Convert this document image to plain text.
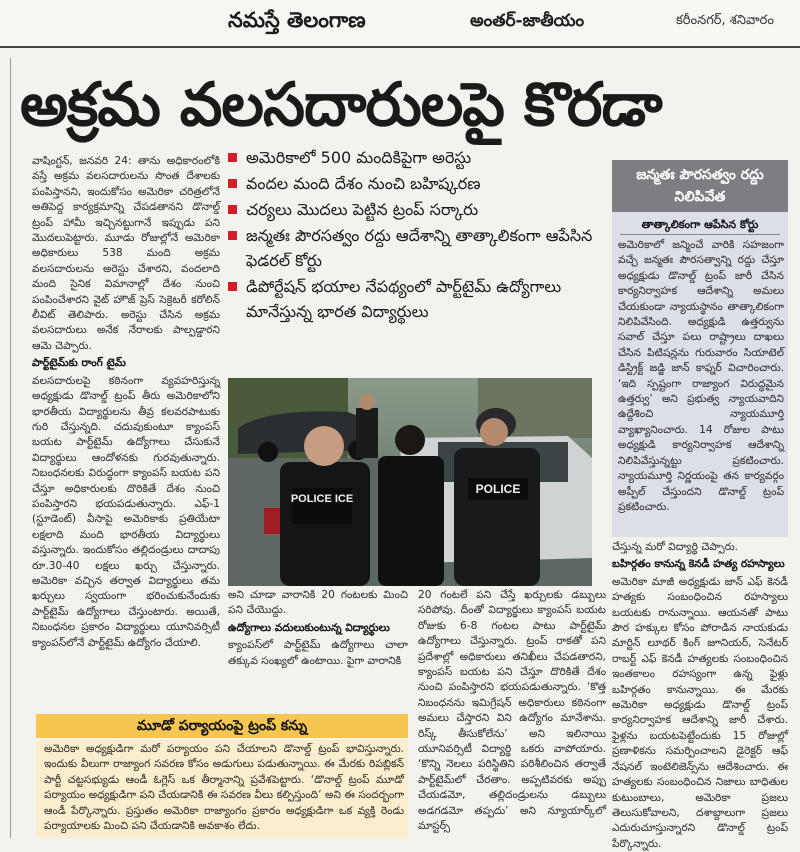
నమస్తే తెలంగాణ	అంతర్-జాతీయం	కరీంనగర్, శనివారం
అక్రమ వలసదారులపై కొరడా

వాషింగ్టన్, జనవరి 24: తాను అధికారంలోకి వస్తే అక్రమ వలసదారులను సొంత దేశాలకు పంపిస్తానని, ఇందుకోసం అమెరికా చరిత్రలోనే అతిపెద్ద కార్యక్రమాన్ని చేపడతానని డొనాల్డ్ ట్రంప్ హామీ ఇచ్చినట్టుగానే ఇప్పుడు పని మొదలుపెట్టారు. మూడు రోజుల్లోనే అమెరికా అధికారులు 538 మంది అక్రమ వలసదారులను అరెస్టు చేశారని, వందలాది మంది సైనిక విమానాల్లో దేశం నుంచి పంపించేశారని వైట్ హౌజ్ ప్రెస్ సెక్రెటరీ కరోలిన్ లీవిట్ తెలిపారు. అరెస్టు చేసిన అక్రమ వలసదారులు అనేక నేరాలకు పాల్పడ్డారని ఆమె చెప్పారు.

పార్ట్‌టైమ్‌కు రాంగ్ టైమ్

వలసదారులపై కఠినంగా వ్యవహరిస్తున్న అధ్యక్షుడు డొనాల్డ్ ట్రంప్ తీరు అమెరికాలోని భారతీయ విద్యార్థులను తీవ్ర కలవరపాటుకు గురి చేస్తున్నది. చదువుకుంటూ క్యాంపస్ బయట పార్ట్‌టైమ్ ఉద్యోగాలు చేసుకునే విద్యార్థులు ఆందోళనకు గురవుతున్నారు. నిబంధనలకు విరుద్ధంగా క్యాంపస్ బయట పని చేస్తూ అధికారులకు దొరికితే దేశం నుంచి పంపిస్తారని భయపడుతున్నారు. ఎఫ్-1 (స్టూడెంట్) వీసాపై అమెరికాకు ప్రతియేటా లక్షలాది మంది భారతీయ విద్యార్థులు వస్తున్నారు. ఇందుకోసం తల్లిదండ్రులు దాదాపు రూ.30-40 లక్షలు ఖర్చు చేస్తున్నారు. అమెరికా వచ్చిన తర్వాత విద్యార్థులు తమ ఖర్చులు స్వయంగా భరించుకునేందుకు పార్ట్‌టైమ్ ఉద్యోగాలు చేస్తుంటారు. అయితే, నిబంధనల ప్రకారం విద్యార్థులు యూనివర్సిటీ క్యాంపస్‌లోనే పార్ట్‌టైమ్ ఉద్యోగం చేయాలి.

అమెరికాలో 500 మందికిపైగా అరెస్టు
వందల మంది దేశం నుంచి బహిష్కరణ
చర్యలు మొదలు పెట్టిన ట్రంప్ సర్కారు
జన్మతః పౌరసత్వం రద్దు ఆదేశాన్ని తాత్కాలికంగా ఆపేసిన ఫెడరల్ కోర్టు
డిపోర్టేషన్ భయాల నేపథ్యంలో పార్ట్‌టైమ్ ఉద్యోగాలు మానేస్తున్న భారత విద్యార్థులు
POLICE ICE
POLICE
జన్మతః పౌరసత్వం రద్దు నిలిపివేత
తాత్కాలికంగా ఆపేసిన కోర్టు
అమెరికాలో జన్మించే వారికి సహజంగా వచ్చే జన్మతః పౌరసత్వాన్ని రద్దు చేస్తూ అధ్యక్షుడు డొనాల్డ్ ట్రంప్ జారీ చేసిన కార్యనిర్వాహక ఆదేశాన్ని అమలు చేయకుండా న్యాయస్థానం తాత్కాలికంగా నిలిపివేసింది. అధ్యక్షుడి ఉత్తర్వును సవాల్ చేస్తూ పలు రాష్ట్రాలు దాఖలు చేసిన పిటిషన్లను గురువారం సియాటెల్ డిస్ట్రిక్ట్ జడ్జి జాన్ కాఫ్నర్ విచారించారు. ‘ఇది స్పష్టంగా రాజ్యాంగ విరుద్ధమైన ఉత్తర్వు’ అని ప్రభుత్వ న్యాయవాదిని ఉద్దేశించి న్యాయమూర్తి వ్యాఖ్యానించారు. 14 రోజుల పాటు అధ్యక్షుడి కార్యనిర్వాహక ఆదేశాన్ని నిలిపివేస్తున్నట్టు ప్రకటించారు. న్యాయమూర్తి నిర్ణయంపై తన కార్యవర్గం అప్పీల్ చేస్తుందని డొనాల్డ్ ట్రంప్ ప్రకటించారు.

అని చూడా వారానికి 20 గంటలకు మించి పని చేయొద్దు.

ఉద్యోగాలు వదులుకుంటున్న విద్యార్థులు

క్యాంపస్‌లో పార్ట్‌టైమ్ ఉద్యోగాలు చాలా తక్కువ సంఖ్యలో ఉంటాయి. పైగా వారానికి

20 గంటలే పని చేస్తే ఖర్చులకు డబ్బులు సరిపోవు. దీంతో విద్యార్థులు క్యాంపస్ బయట రోజుకు 6-8 గంటల పాటు పార్ట్‌టైమ్ ఉద్యోగాలు చేస్తున్నారు. ట్రంప్ రాకతో పని ప్రదేశాల్లో అధికారులు తనిఖీలు చేపడతారని, క్యాంపస్ బయట పని చేస్తూ దొరికితే దేశం నుంచి పంపిస్తారని భయపడుతున్నారు. ‘కొత్త నిబంధనను ఇమిగ్రేషన్ అధికారులు కఠినంగా అమలు చేస్తారని విని ఉద్యోగం మానేశాను. రిస్క్ తీసుకోలేను’ అని ఇలినాయి యూనివర్సిటీ విద్యార్థి ఒకరు వాపోయారు. ‘కొన్ని నెలలు పరిస్థితిని పరిశీలించిన తర్వాతే పార్ట్‌టైమ్‌లో చేరతాం. అప్పటివరకు అప్పు చేయడమో, తల్లిదండ్రులను డబ్బులు అడగడమో తప్పదు’ అని న్యూయార్క్‌లో మాస్టర్స్

చేస్తున్న మరో విద్యార్థి చెప్పారు.

బహిర్గతం కానున్న కెనడీ హత్య రహస్యాలు

అమెరికా మాజీ అధ్యక్షుడు జాన్ ఎఫ్ కెనడీ హత్యకు సంబంధించిన రహస్యాలు బయటకు రానున్నాయి. ఆయనతో పాటు పౌర హక్కుల కోసం పోరాడిన నాయకుడు మార్టిన్ లూథర్ కింగ్ జూనియర్, సెనేటర్ రాబర్ట్ ఎఫ్ కెనడీ హత్యలకు సంబంధించిన ఇంతకాలం రహస్యంగా ఉన్న ఫైళ్లు బహిర్గతం కానున్నాయి. ఈ మేరకు అమెరికా అధ్యక్షుడు డొనాల్డ్ ట్రంప్ కార్యనిర్వాహక ఆదేశాన్ని జారీ చేశారు. ఫైళ్లను బయటపెట్టేందుకు 15 రోజుల్లో ప్రణాళికను సమర్పించాలని డైరెక్టర్ ఆఫ్ నేషనల్ ఇంటెలిజెన్స్‌ను ఆదేశించారు. ఈ హత్యలకు సంబంధించిన నిజాలు బాధితుల కుటుంబాలు, అమెరికా ప్రజలు తెలుసుకోవాలని, దశాబ్దాలుగా ప్రజలు ఎదురుచూస్తున్నారని డొనాల్డ్ ట్రంప్ పేర్కొన్నారు.

మూడో పర్యాయంపై ట్రంప్ కన్ను
అమెరికా అధ్యక్షుడిగా మరో పర్యాయం పని చేయాలని డొనాల్డ్ ట్రంప్ భావిస్తున్నారు. ఇందుకు వీలుగా రాజ్యాంగ సవరణ కోసం అడుగులు పడుతున్నాయి. ఈ మేరకు రిపబ్లికన్ పార్టీ చట్టసభ్యుడు ఆండీ ఓగ్లెస్ ఒక తీర్మానాన్ని ప్రవేశపెట్టారు. ‘డొనాల్డ్ ట్రంప్ మూడో పర్యాయం అధ్యక్షుడిగా పని చేయడానికి ఈ సవరణ వీలు కల్పిస్తుంది’ అని ఈ సందర్భంగా ఆండీ పేర్కొన్నారు. ప్రస్తుతం అమెరికా రాజ్యాంగం ప్రకారం అధ్యక్షుడిగా ఒక వ్యక్తి రెండు పర్యాయాలకు మించి పని చేయడానికి అవకాశం లేదు.
